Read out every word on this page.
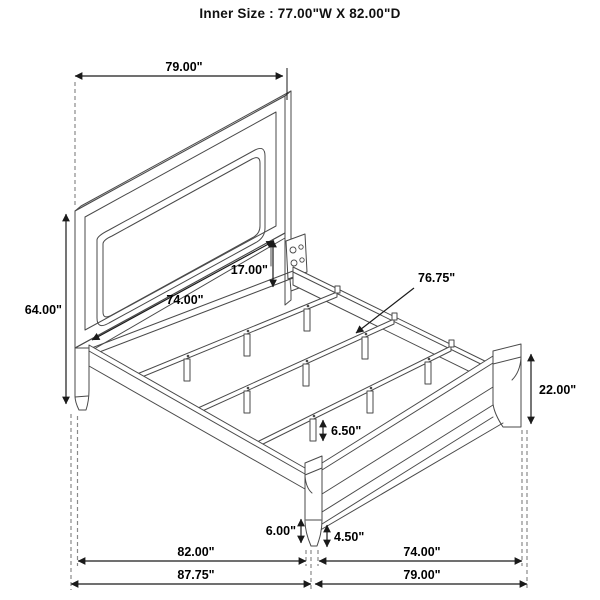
Inner Size : 77.00"W X 82.00"D
79.00"
64.00"
17.00"
74.00"
76.75"
22.00"
6.50"
6.00"	4.50"
82.00"	74.00"
87.75"	79.00"
